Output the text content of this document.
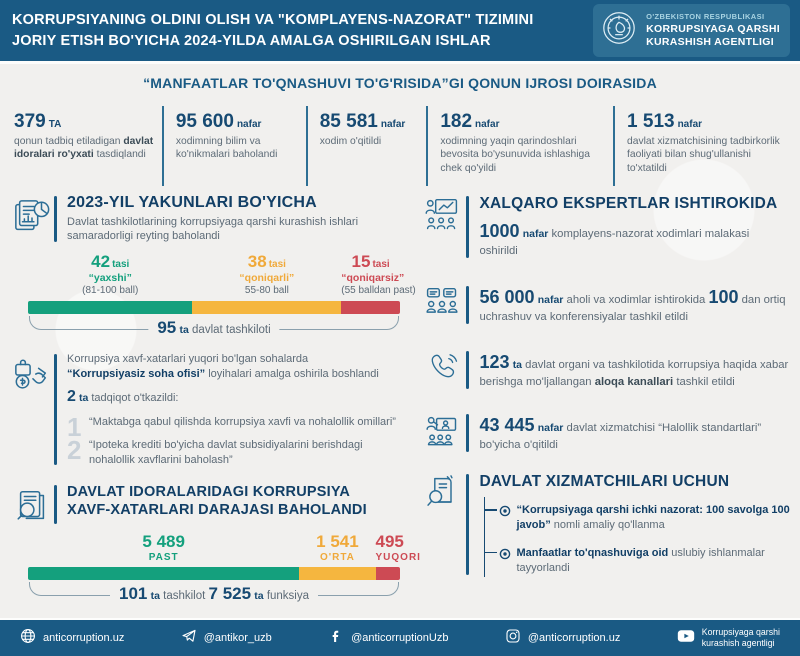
KORRUPSIYANING OLDINI OLISH VA "KOMPLAYENS-NAZORAT" TIZIMINI
JORIY ETISH BO'YICHA 2024-YILDA AMALGA OSHIRILGAN ISHLAR
O'ZBEKISTON RESPUBLIKASI
KORRUPSIYAGA QARSHI
KURASHISH AGENTLIGI
“MANFAATLAR TO'QNASHUVI TO'G'RISIDA”GI QONUN IJROSI DOIRASIDA
379 TA
qonun tadbiq etiladigan davlat idoralari ro'yxati tasdiqlandi
95 600 nafar
xodimning bilim va ko'nikmalari baholandi
85 581 nafar
xodim o'qitildi
182 nafar
xodimning yaqin qarindoshlari bevosita bo'ysunuvida ishlashiga chek qo'yildi
1 513 nafar
davlat xizmatchisining tadbirkorlik faoliyati bilan shug'ullanishi to'xtatildi
2023-YIL YAKUNLARI BO'YICHA
Davlat tashkilotlarining korrupsiyaga qarshi kurashish ishlari samaradorligi reyting baholandi
42 tasi
“yaxshi”
(81-100 ball)
38 tasi
“qoniqarli”
55-80 ball
15 tasi
“qoniqarsiz”
(55 balldan past)
95 ta davlat tashkiloti
Korrupsiya xavf-xatarlari yuqori bo'lgan sohalarda
“Korrupsiyasiz soha ofisi” loyihalari amalga oshirila boshlandi
2 ta tadqiqot o'tkazildi:
1 “Maktabga qabul qilishda korrupsiya xavfi va nohalollik omillari”
2 “Ipoteka krediti bo'yicha davlat subsidiyalarini berishdagi nohalollik xavflarini baholash”
DAVLAT IDORALARIDAGI KORRUPSIYA
XAVF-XATARLARI DARAJASI BAHOLANDI
5 489
PAST
1 541
O'RTA
495
YUQORI
101 ta tashkilot 7 525 ta funksiya
XALQARO EKSPERTLAR ISHTIROKIDA
1000 nafar komplayens-nazorat xodimlari malakasi oshirildi
56 000 nafar aholi va xodimlar ishtirokida 100 dan ortiq uchrashuv va konferensiyalar tashkil etildi
123 ta davlat organi va tashkilotida korrupsiya haqida xabar berishga mo'ljallangan aloqa kanallari tashkil etildi
43 445 nafar davlat xizmatchisi “Halollik standartlari” bo'yicha o'qitildi
DAVLAT XIZMATCHILARI UCHUN
“Korrupsiyaga qarshi ichki nazorat: 100 savolga 100 javob” nomli amaliy qo'llanma
Manfaatlar to'qnashuviga oid uslubiy ishlanmalar tayyorlandi
anticorruption.uz	@antikor_uzb	@anticorruptionUzb	@anticorruption.uz	Korrupsiyaga qarshi
kurashish agentligi
